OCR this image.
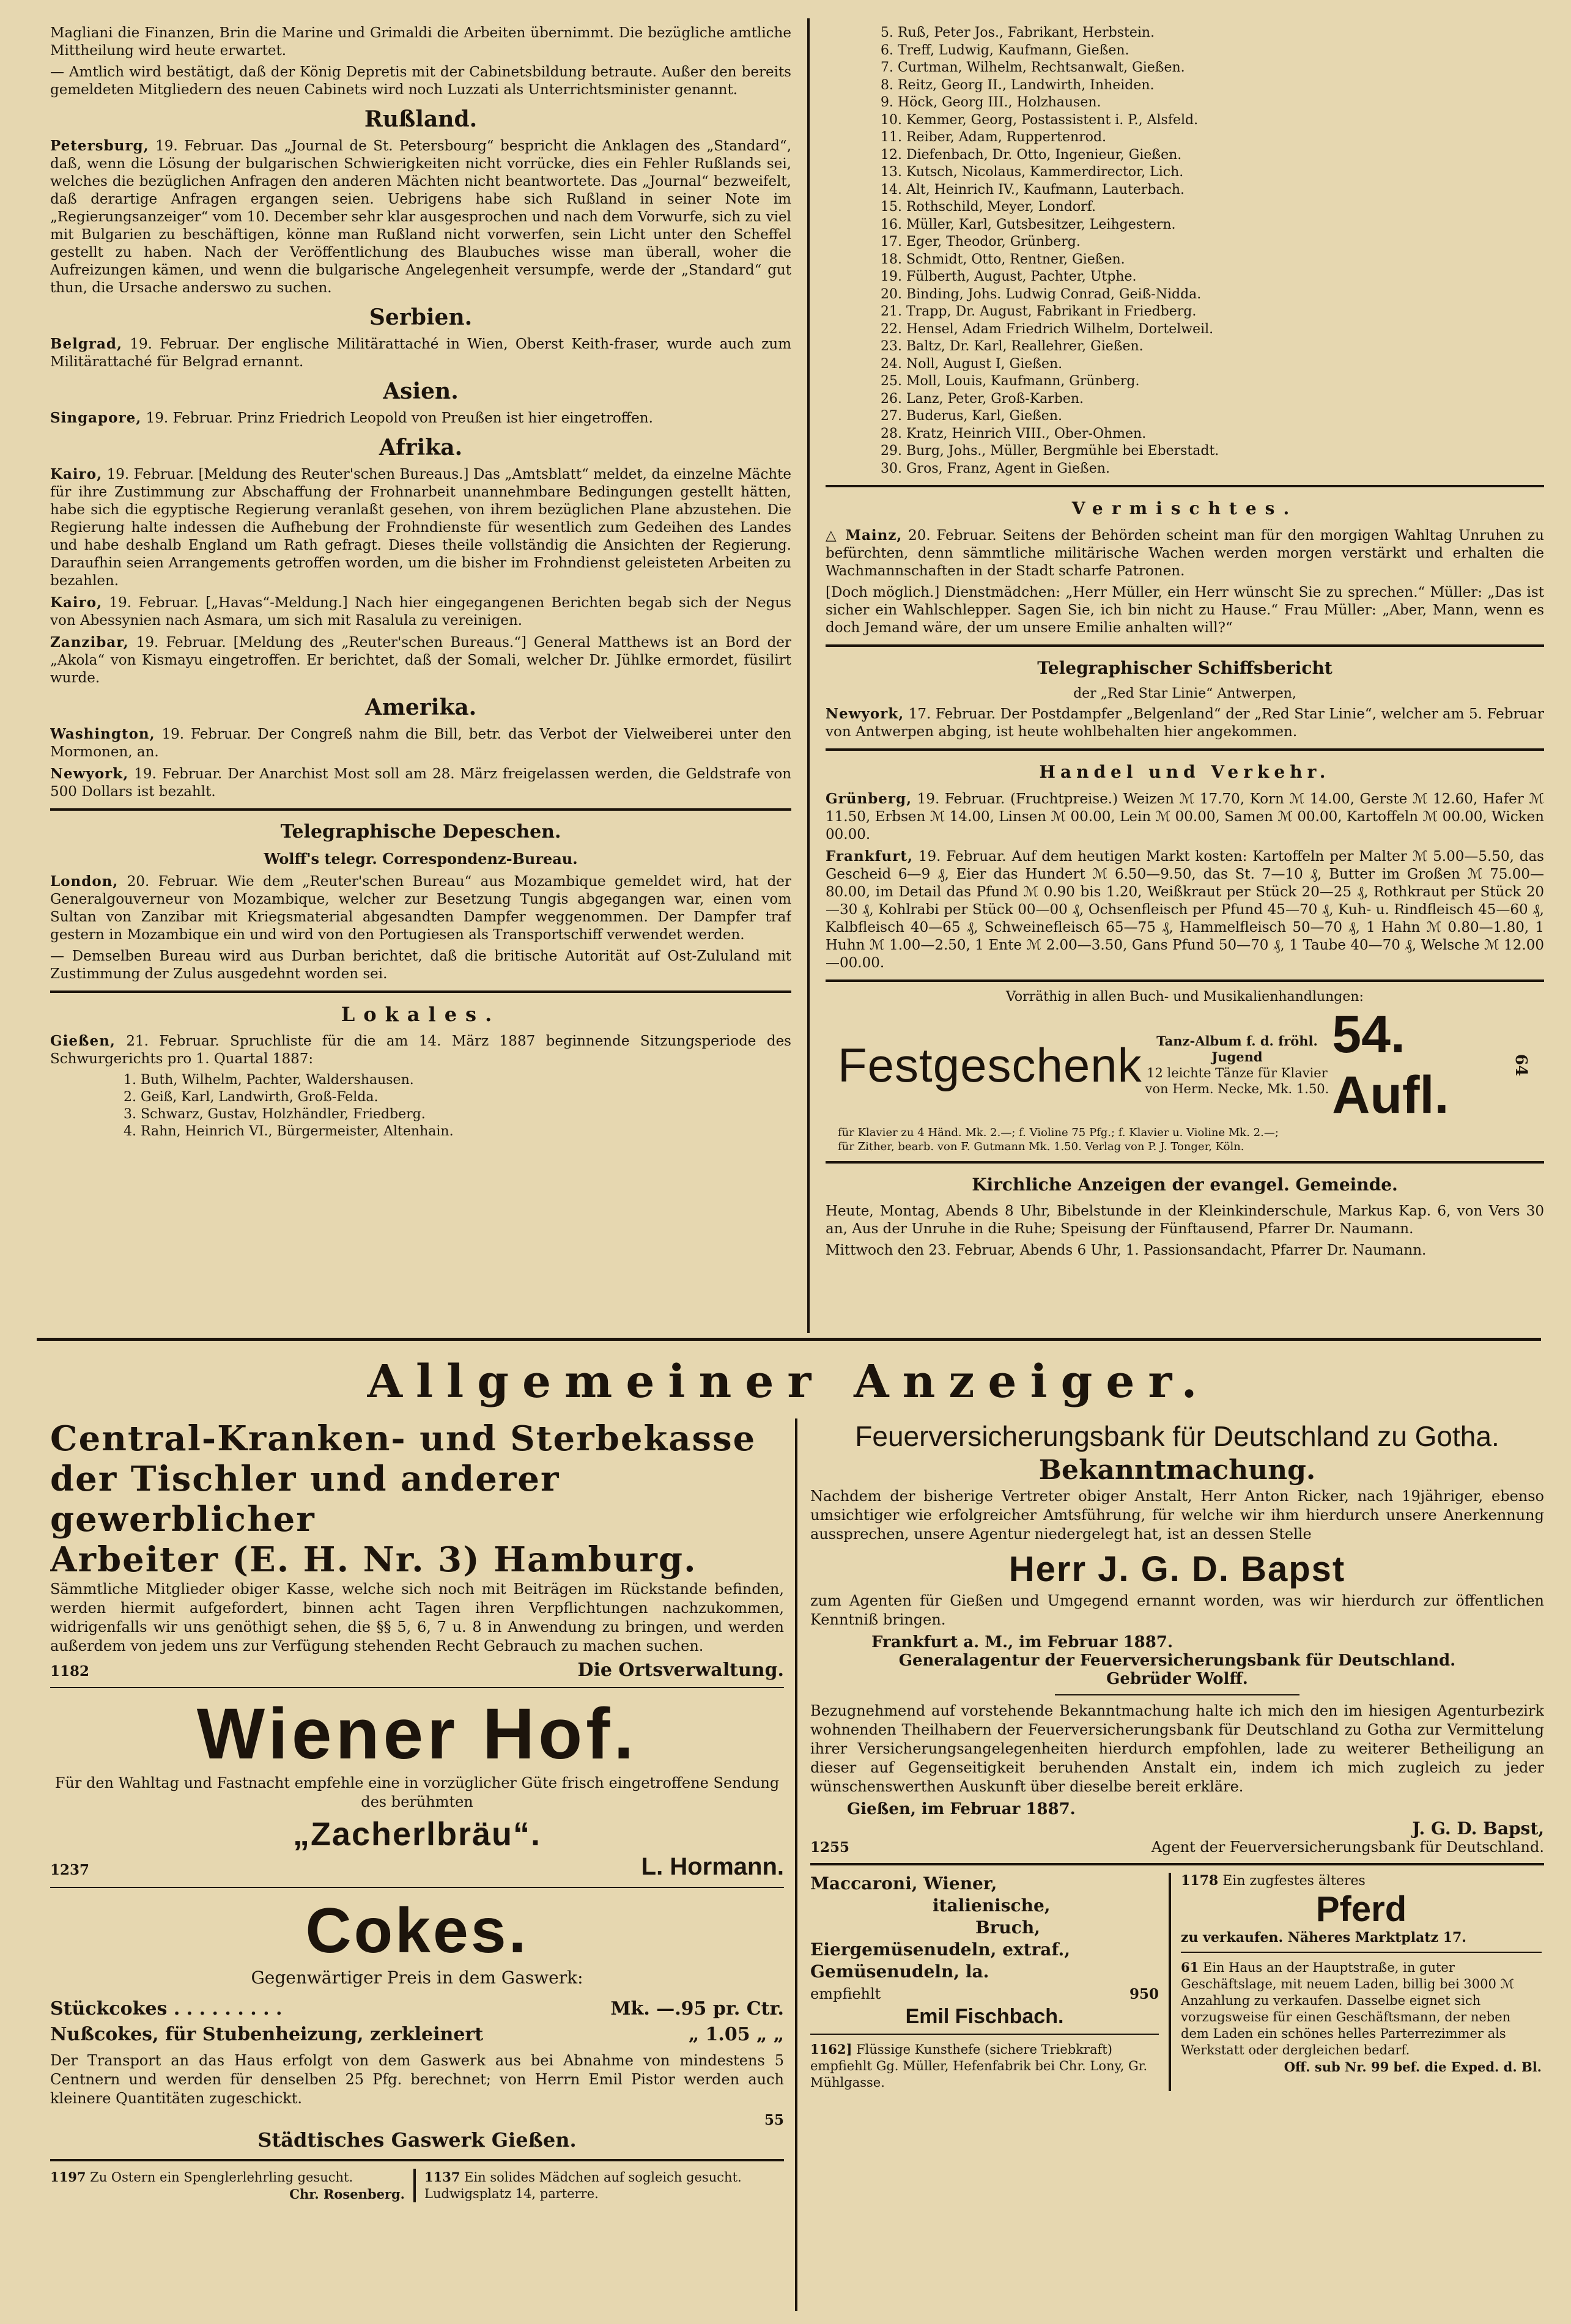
Magliani die Finanzen, Brin die Marine und Grimaldi die Arbeiten übernimmt. Die bezügliche amtliche Mittheilung wird heute erwartet.

— Amtlich wird bestätigt, daß der König Depretis mit der Cabinetsbildung betraute. Außer den bereits gemeldeten Mitgliedern des neuen Cabinets wird noch Luzzati als Unterrichtsminister genannt.

Rußland.

Petersburg, 19. Februar. Das „Journal de St. Petersbourg“ bespricht die Anklagen des „Standard“, daß, wenn die Lösung der bulgarischen Schwierigkeiten nicht vorrücke, dies ein Fehler Rußlands sei, welches die bezüglichen Anfragen den anderen Mächten nicht beantwortete. Das „Journal“ bezweifelt, daß derartige Anfragen ergangen seien. Uebrigens habe sich Rußland in seiner Note im „Regierungsanzeiger“ vom 10. December sehr klar ausgesprochen und nach dem Vorwurfe, sich zu viel mit Bulgarien zu beschäftigen, könne man Rußland nicht vorwerfen, sein Licht unter den Scheffel gestellt zu haben. Nach der Veröffentlichung des Blaubuches wisse man überall, woher die Aufreizungen kämen, und wenn die bulgarische Angelegenheit versumpfe, werde der „Standard“ gut thun, die Ursache anderswo zu suchen.

Serbien.

Belgrad, 19. Februar. Der englische Militärattaché in Wien, Oberst Keith-fraser, wurde auch zum Militärattaché für Belgrad ernannt.

Asien.

Singapore, 19. Februar. Prinz Friedrich Leopold von Preußen ist hier eingetroffen.

Afrika.

Kairo, 19. Februar. [Meldung des Reuter'schen Bureaus.] Das „Amtsblatt“ meldet, da einzelne Mächte für ihre Zustimmung zur Abschaffung der Frohnarbeit unannehmbare Bedingungen gestellt hätten, habe sich die egyptische Regierung veranlaßt gesehen, von ihrem bezüglichen Plane abzustehen. Die Regierung halte indessen die Aufhebung der Frohndienste für wesentlich zum Gedeihen des Landes und habe deshalb England um Rath gefragt. Dieses theile vollständig die Ansichten der Regierung. Daraufhin seien Arrangements getroffen worden, um die bisher im Frohndienst geleisteten Arbeiten zu bezahlen.

Kairo, 19. Februar. [„Havas“-Meldung.] Nach hier eingegangenen Berichten begab sich der Negus von Abessynien nach Asmara, um sich mit Rasalula zu vereinigen.

Zanzibar, 19. Februar. [Meldung des „Reuter'schen Bureaus.“] General Matthews ist an Bord der „Akola“ von Kismayu eingetroffen. Er berichtet, daß der Somali, welcher Dr. Jühlke ermordet, füsilirt wurde.

Amerika.

Washington, 19. Februar. Der Congreß nahm die Bill, betr. das Verbot der Vielweiberei unter den Mormonen, an.

Newyork, 19. Februar. Der Anarchist Most soll am 28. März freigelassen werden, die Geldstrafe von 500 Dollars ist bezahlt.

Telegraphische Depeschen.
Wolff's telegr. Correspondenz-Bureau.

London, 20. Februar. Wie dem „Reuter'schen Bureau“ aus Mozambique gemeldet wird, hat der Generalgouverneur von Mozambique, welcher zur Besetzung Tungis abgegangen war, einen vom Sultan von Zanzibar mit Kriegsmaterial abgesandten Dampfer weggenommen. Der Dampfer traf gestern in Mozambique ein und wird von den Portugiesen als Transportschiff verwendet werden.

— Demselben Bureau wird aus Durban berichtet, daß die britische Autorität auf Ost-Zululand mit Zustimmung der Zulus ausgedehnt worden sei.

Lokales.

Gießen, 21. Februar. Spruchliste für die am 14. März 1887 beginnende Sitzungsperiode des Schwurgerichts pro 1. Quartal 1887:

1. Buth, Wilhelm, Pachter, Waldershausen.
2. Geiß, Karl, Landwirth, Groß-Felda.
3. Schwarz, Gustav, Holzhändler, Friedberg.
4. Rahn, Heinrich VI., Bürgermeister, Altenhain.
5. Ruß, Peter Jos., Fabrikant, Herbstein.
6. Treff, Ludwig, Kaufmann, Gießen.
7. Curtman, Wilhelm, Rechtsanwalt, Gießen.
8. Reitz, Georg II., Landwirth, Inheiden.
9. Höck, Georg III., Holzhausen.
10. Kemmer, Georg, Postassistent i. P., Alsfeld.
11. Reiber, Adam, Ruppertenrod.
12. Diefenbach, Dr. Otto, Ingenieur, Gießen.
13. Kutsch, Nicolaus, Kammerdirector, Lich.
14. Alt, Heinrich IV., Kaufmann, Lauterbach.
15. Rothschild, Meyer, Londorf.
16. Müller, Karl, Gutsbesitzer, Leihgestern.
17. Eger, Theodor, Grünberg.
18. Schmidt, Otto, Rentner, Gießen.
19. Fülberth, August, Pachter, Utphe.
20. Binding, Johs. Ludwig Conrad, Geiß-Nidda.
21. Trapp, Dr. August, Fabrikant in Friedberg.
22. Hensel, Adam Friedrich Wilhelm, Dortelweil.
23. Baltz, Dr. Karl, Reallehrer, Gießen.
24. Noll, August I, Gießen.
25. Moll, Louis, Kaufmann, Grünberg.
26. Lanz, Peter, Groß-Karben.
27. Buderus, Karl, Gießen.
28. Kratz, Heinrich VIII., Ober-Ohmen.
29. Burg, Johs., Müller, Bergmühle bei Eberstadt.
30. Gros, Franz, Agent in Gießen.
Vermischtes.

△ Mainz, 20. Februar. Seitens der Behörden scheint man für den morgigen Wahltag Unruhen zu befürchten, denn sämmtliche militärische Wachen werden morgen verstärkt und erhalten die Wachmannschaften in der Stadt scharfe Patronen.

[Doch möglich.] Dienstmädchen: „Herr Müller, ein Herr wünscht Sie zu sprechen.“ Müller: „Das ist sicher ein Wahlschlepper. Sagen Sie, ich bin nicht zu Hause.“ Frau Müller: „Aber, Mann, wenn es doch Jemand wäre, der um unsere Emilie anhalten will?“

Telegraphischer Schiffsbericht
der „Red Star Linie“ Antwerpen,

Newyork, 17. Februar. Der Postdampfer „Belgenland“ der „Red Star Linie“, welcher am 5. Februar von Antwerpen abging, ist heute wohlbehalten hier angekommen.

Handel und Verkehr.

Grünberg, 19. Februar. (Fruchtpreise.) Weizen ℳ 17.70, Korn ℳ 14.00, Gerste ℳ 12.60, Hafer ℳ 11.50, Erbsen ℳ 14.00, Linsen ℳ 00.00, Lein ℳ 00.00, Samen ℳ 00.00, Kartoffeln ℳ 00.00, Wicken 00.00.

Frankfurt, 19. Februar. Auf dem heutigen Markt kosten: Kartoffeln per Malter ℳ 5.00—5.50, das Gescheid 6—9 ₰, Eier das Hundert ℳ 6.50—9.50, das St. 7—10 ₰, Butter im Großen ℳ 75.00—80.00, im Detail das Pfund ℳ 0.90 bis 1.20, Weißkraut per Stück 20—25 ₰, Rothkraut per Stück 20—30 ₰, Kohlrabi per Stück 00—00 ₰, Ochsenfleisch per Pfund 45—70 ₰, Kuh- u. Rindfleisch 45—60 ₰, Kalbfleisch 40—65 ₰, Schweinefleisch 65—75 ₰, Hammelfleisch 50—70 ₰, 1 Hahn ℳ 0.80—1.80, 1 Huhn ℳ 1.00—2.50, 1 Ente ℳ 2.00—3.50, Gans Pfund 50—70 ₰, 1 Taube 40—70 ₰, Welsche ℳ 12.00—00.00.

Vorräthig in allen Buch- und Musikalienhandlungen:
Festgeschenk	Tanz-Album f. d. fröhl. Jugend
12 leichte Tänze für Klavier
von Herm. Necke, Mk. 1.50.
54. Aufl.
64
für Klavier zu 4 Händ. Mk. 2.—; f. Violine 75 Pfg.; f. Klavier u. Violine Mk. 2.—;
für Zither, bearb. von F. Gutmann Mk. 1.50. Verlag von P. J. Tonger, Köln.
Kirchliche Anzeigen der evangel. Gemeinde.

Heute, Montag, Abends 8 Uhr, Bibelstunde in der Kleinkinderschule, Markus Kap. 6, von Vers 30 an, Aus der Unruhe in die Ruhe; Speisung der Fünftausend, Pfarrer Dr. Naumann.

Mittwoch den 23. Februar, Abends 6 Uhr, 1. Passionsandacht, Pfarrer Dr. Naumann.

Allgemeiner Anzeiger.
Central-Kranken- und Sterbekasse
der Tischler und anderer gewerblicher
Arbeiter (E. H. Nr. 3) Hamburg.

Sämmtliche Mitglieder obiger Kasse, welche sich noch mit Beiträgen im Rückstande befinden, werden hiermit aufgefordert, binnen acht Tagen ihren Verpflichtungen nachzukommen, widrigenfalls wir uns genöthigt sehen, die §§ 5, 6, 7 u. 8 in Anwendung zu bringen, und werden außerdem von jedem uns zur Verfügung stehenden Recht Gebrauch zu machen suchen.

1182	Die Ortsverwaltung.
Wiener Hof.

Für den Wahltag und Fastnacht empfehle eine in vorzüglicher Güte frisch eingetroffene Sendung des berühmten

„Zacherlbräu“.
1237	L. Hormann.
Cokes.
Gegenwärtiger Preis in dem Gaswerk:
Stückcokes . . . . . . . . .	Mk. —.95 pr. Ctr.
Nußcokes, für Stubenheizung, zerkleinert	„ 1.05 „ „

Der Transport an das Haus erfolgt von dem Gaswerk aus bei Abnahme von mindestens 5 Centnern und werden für denselben 25 Pfg. berechnet; von Herrn Emil Pistor werden auch kleinere Quantitäten zugeschickt.

55
Städtisches Gaswerk Gießen.
1197 Zu Ostern ein Spenglerlehrling gesucht.
Chr. Rosenberg.
1137 Ein solides Mädchen auf sogleich gesucht. Ludwigsplatz 14, parterre.
Feuerversicherungsbank für Deutschland zu Gotha.
Bekanntmachung.

Nachdem der bisherige Vertreter obiger Anstalt, Herr Anton Ricker, nach 19jähriger, ebenso umsichtiger wie erfolgreicher Amtsführung, für welche wir ihm hierdurch unsere Anerkennung aussprechen, unsere Agentur niedergelegt hat, ist an dessen Stelle

Herr J. G. D. Bapst

zum Agenten für Gießen und Umgegend ernannt worden, was wir hierdurch zur öffentlichen Kenntniß bringen.

Frankfurt a. M., im Februar 1887.
Generalagentur der Feuerversicherungsbank für Deutschland.
Gebrüder Wolff.

Bezugnehmend auf vorstehende Bekanntmachung halte ich mich den im hiesigen Agenturbezirk wohnenden Theilhabern der Feuerversicherungsbank für Deutschland zu Gotha zur Vermittelung ihrer Versicherungsangelegenheiten hierdurch empfohlen, lade zu weiterer Betheiligung an dieser auf Gegenseitigkeit beruhenden Anstalt ein, indem ich mich zugleich zu jeder wünschenswerthen Auskunft über dieselbe bereit erkläre.

Gießen, im Februar 1887.
J. G. D. Bapst,
1255	Agent der Feuerversicherungsbank für Deutschland.
Maccaroni, Wiener,
italienische,
Bruch,
Eiergemüsenudeln, extraf.,
Gemüsenudeln, la.
empfiehlt	950
Emil Fischbach.
1162] Flüssige Kunsthefe (sichere Triebkraft) empfiehlt Gg. Müller, Hefenfabrik bei Chr. Lony, Gr. Mühlgasse.
1178 Ein zugfestes älteres
Pferd
zu verkaufen. Näheres Marktplatz 17.
61 Ein Haus an der Hauptstraße, in guter Geschäftslage, mit neuem Laden, billig bei 3000 ℳ Anzahlung zu verkaufen. Dasselbe eignet sich vorzugsweise für einen Geschäftsmann, der neben dem Laden ein schönes helles Parterrezimmer als Werkstatt oder dergleichen bedarf.
Off. sub Nr. 99 bef. die Exped. d. Bl.
